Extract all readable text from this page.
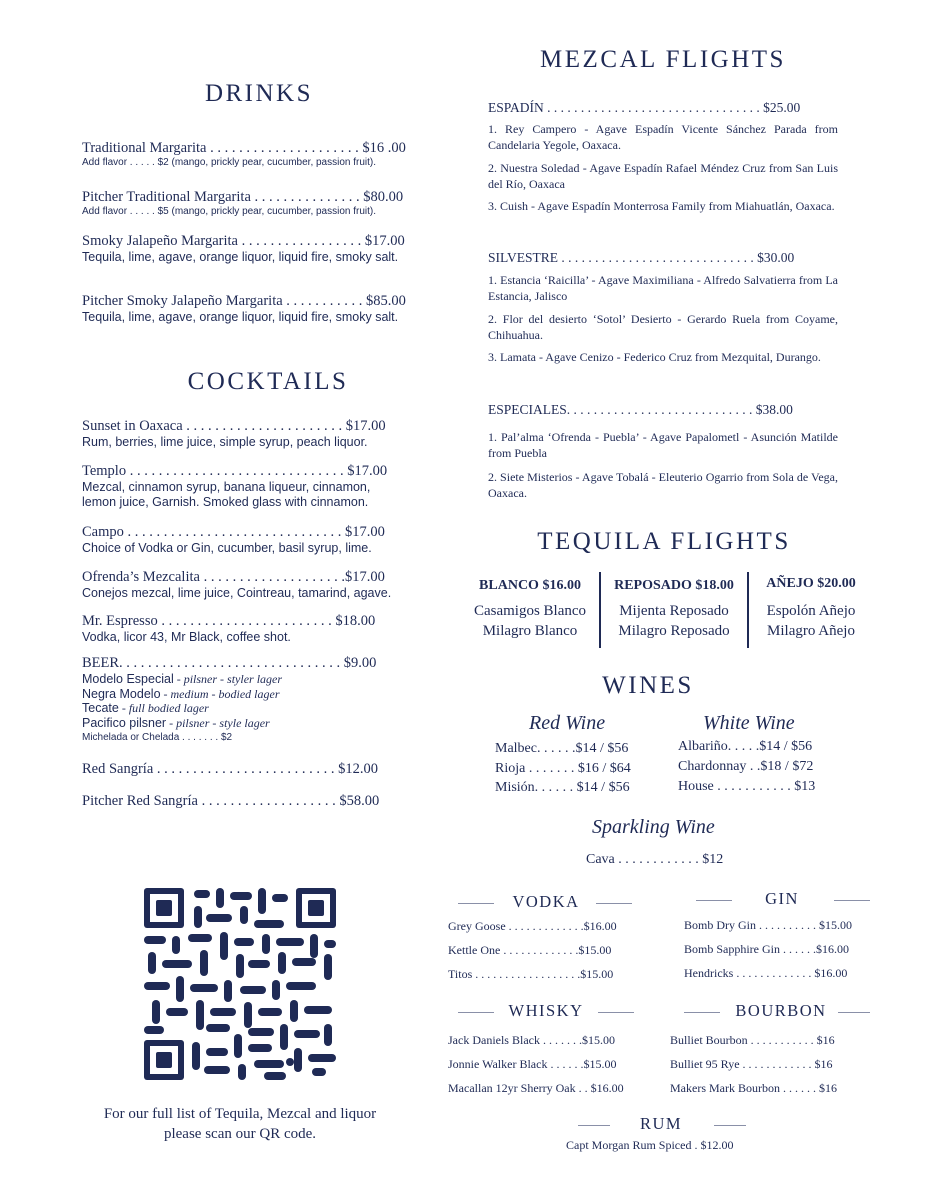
DRINKS
Traditional Margarita . . . . . . . . . . . . . . . . . . . . . $16 .00
Add flavor . . . . . $2 (mango, prickly pear, cucumber, passion fruit).
Pitcher Traditional Margarita . . . . . . . . . . . . . . . $80.00
Add flavor . . . . . $5 (mango, prickly pear, cucumber, passion fruit).
Smoky Jalapeño Margarita . . . . . . . . . . . . . . . . . $17.00
Tequila, lime, agave, orange liquor, liquid fire, smoky salt.
Pitcher Smoky Jalapeño Margarita . . . . . . . . . . . $85.00
Tequila, lime, agave, orange liquor, liquid fire, smoky salt.
COCKTAILS
Sunset in Oaxaca . . . . . . . . . . . . . . . . . . . . . . $17.00
Rum, berries, lime juice, simple syrup, peach liquor.
Templo . . . . . . . . . . . . . . . . . . . . . . . . . . . . . . $17.00
Mezcal, cinnamon syrup, banana liqueur, cinnamon, lemon juice, Garnish. Smoked glass with cinnamon.
Campo . . . . . . . . . . . . . . . . . . . . . . . . . . . . . . $17.00
Choice of Vodka or Gin, cucumber, basil syrup, lime.
Ofrenda’s Mezcalita . . . . . . . . . . . . . . . . . . . .$17.00
Conejos mezcal, lime juice, Cointreau, tamarind, agave.
Mr. Espresso . . . . . . . . . . . . . . . . . . . . . . . . $18.00
Vodka, licor 43, Mr Black, coffee shot.
BEER. . . . . . . . . . . . . . . . . . . . . . . . . . . . . . . $9.00
Modelo Especial - pilsner - styler lager
Negra Modelo - medium - bodied lager
Tecate - full bodied lager
Pacifico pilsner - pilsner - style lager
Michelada or Chelada . . . . . . . $2
Red Sangría . . . . . . . . . . . . . . . . . . . . . . . . . $12.00
Pitcher Red Sangría . . . . . . . . . . . . . . . . . . . $58.00
For our full list of Tequila, Mezcal and liquor please scan our QR code.
MEZCAL FLIGHTS
ESPADÍN . . . . . . . . . . . . . . . . . . . . . . . . . . . . . . . . $25.00
1. Rey Campero - Agave Espadín Vicente Sánchez Parada from Candelaria Yegole, Oaxaca.
2. Nuestra Soledad - Agave Espadín Rafael Méndez Cruz from San Luis del Río, Oaxaca
3. Cuish - Agave Espadín Monterrosa Family from Miahuatlán, Oaxaca.
SILVESTRE . . . . . . . . . . . . . . . . . . . . . . . . . . . . . $30.00
1. Estancia ‘Raicilla’ - Agave Maximiliana - Alfredo Salvatierra from La Estancia, Jalisco
2. Flor del desierto ‘Sotol’ Desierto - Gerardo Ruela from Coyame, Chihuahua.
3. Lamata - Agave Cenizo - Federico Cruz from Mezquital, Durango.
ESPECIALES. . . . . . . . . . . . . . . . . . . . . . . . . . . . $38.00
1. Pal’alma ‘Ofrenda - Puebla’ - Agave Papalometl - Asunción Matilde from Puebla
2. Siete Misterios - Agave Tobalá - Eleuterio Ogarrio from Sola de Vega, Oaxaca.
TEQUILA FLIGHTS
BLANCO $16.00
Casamigos Blanco
Milagro Blanco
REPOSADO $18.00
Mijenta Reposado
Milagro Reposado
AÑEJO $20.00
Espolón Añejo
Milagro Añejo
WINES
Red Wine
Malbec. . . . . .$14 / $56
Rioja . . . . . . . $16 / $64
Misión. . . . . . $14 / $56
White Wine
Albariño. . . . .$14 / $56
Chardonnay . .$18 / $72
House . . . . . . . . . . . $13
Sparkling Wine
Cava . . . . . . . . . . . . $12
VODKA
Grey Goose . . . . . . . . . . . . .$16.00
Kettle One . . . . . . . . . . . . .$15.00
Titos . . . . . . . . . . . . . . . . . .$15.00
GIN
Bomb Dry Gin . . . . . . . . . . $15.00
Bomb Sapphire Gin . . . . . .$16.00
Hendricks . . . . . . . . . . . . . $16.00
WHISKY
Jack Daniels Black . . . . . . .$15.00
Jonnie Walker Black . . . . . .$15.00
Macallan 12yr Sherry Oak . . $16.00
BOURBON
Bulliet Bourbon . . . . . . . . . . . $16
Bulliet 95 Rye . . . . . . . . . . . . $16
Makers Mark Bourbon . . . . . . $16
RUM
Capt Morgan Rum Spiced . $12.00
